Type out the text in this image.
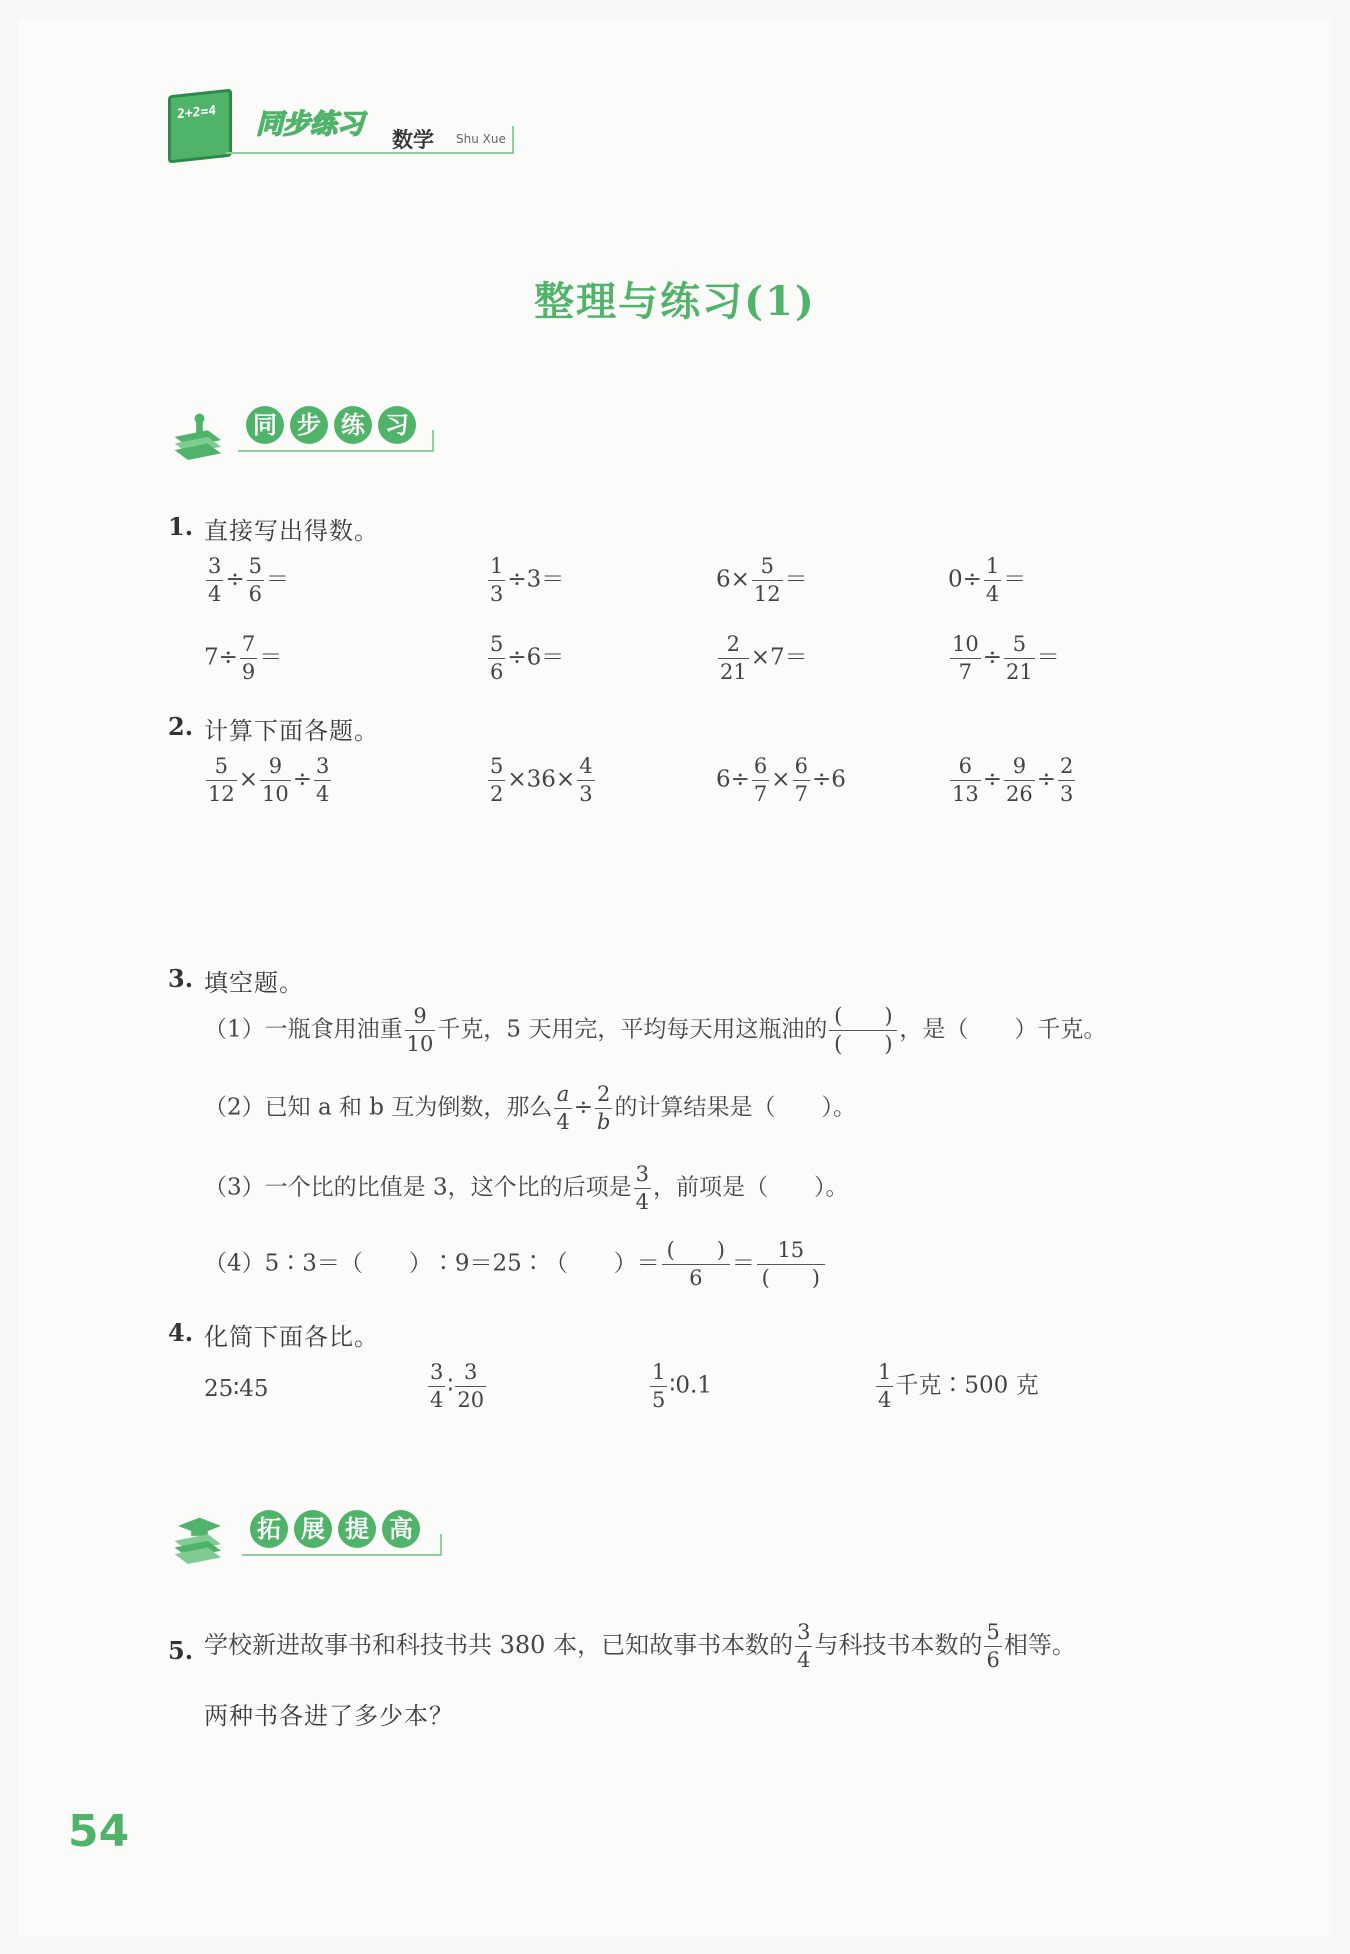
2+2=4 同步练习 数学 Shu Xue
整理与练习(1)
同 步 练 习
1. 直接写出得数。
$\frac{3}{4} \div \frac{5}{6}$ ＝	$\frac{1}{3} \div 3=$	$6\times \frac{5}{12}$ ＝	$0\div \frac{1}{4}$ ＝
$7\div \frac{7}{9}$ ＝	$\frac{5}{6} \div 6=$	$\frac{2}{21} \times 7=$	$\frac{10}{7} \div \frac{5}{21}$ ＝
2. 计算下面各题。
$\frac{5}{12} \times \frac{9}{10} \div \frac{3}{4}$	$\frac{5}{2} \times 36\times \frac{4}{3}$	$6\div \frac{6}{7} \times \frac{6}{7} \div 6$	$\frac{6}{13} \div \frac{9}{26} \div \frac{2}{3}$
3. 填空题。
（1）一瓶食用油重 $\frac{9}{10}$ 千克，5 天用完，平均每天用这瓶油的 $\frac{( )}{( )}$ ，是（　　）千克。
（2）已知 a 和 b 互为倒数，那么 $\frac{a}{4} \div \frac{2}{b}$ 的计算结果是（　　）。
（3）一个比的比值是 3，这个比的后项是 $\frac{3}{4}$ ，前项是（　　）。
（4）5∶3＝（　　）∶9＝25∶（　　）＝ $\frac{( )}{6} = \frac{15}{( )}$
4. 化简下面各比。
25∶45	$\frac{3}{4}$ ∶ $\frac{3}{20}$	$\frac{1}{5}$ ∶0.1	$\frac{1}{4}$ 千克∶500 克
拓 展 提 高
5. 学校新进故事书和科技书共 380 本，已知故事书本数的 $\frac{3}{4}$ 与科技书本数的 $\frac{5}{6}$ 相等。
两种书各进了多少本？
54
